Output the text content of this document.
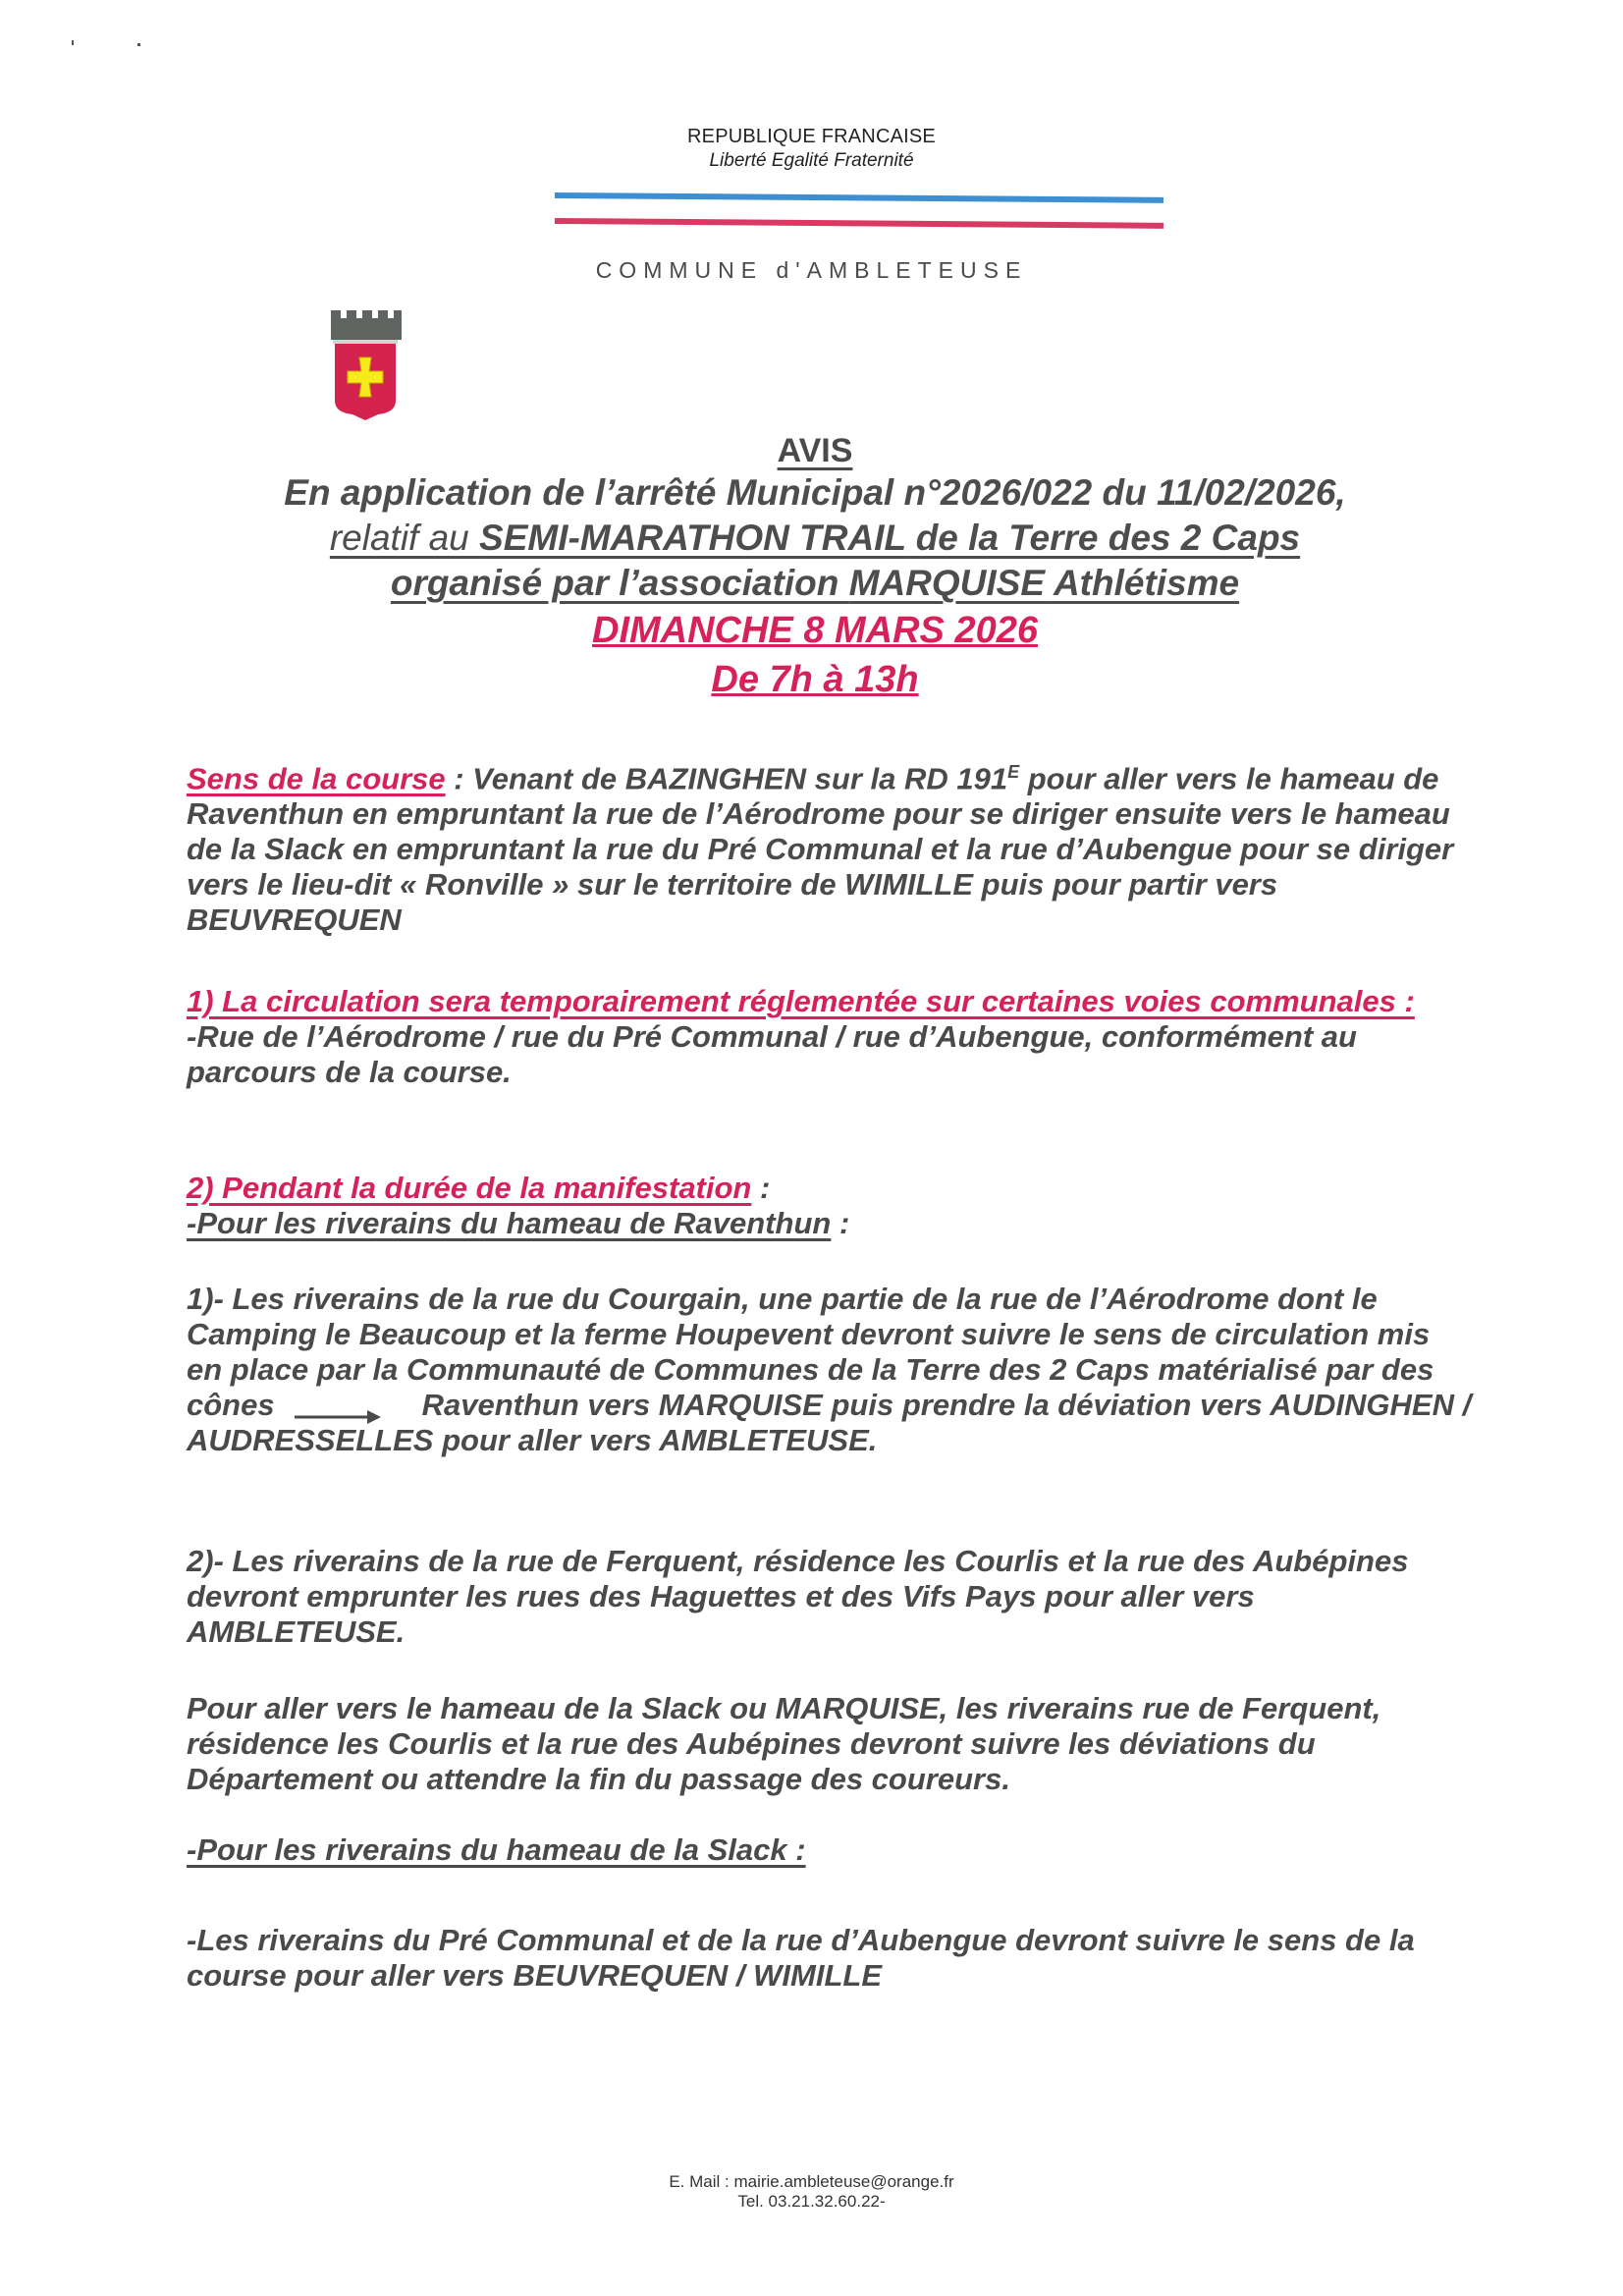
REPUBLIQUE FRANCAISE
Liberté Egalité Fraternité
COMMUNE d'AMBLETEUSE
AVIS
En application de l’arrêté Municipal n°2026/022 du 11/02/2026,
relatif au SEMI-MARATHON TRAIL de la Terre des 2 Caps
organisé par l’association MARQUISE Athlétisme
DIMANCHE 8 MARS 2026
De 7h à 13h

Sens de la course : Venant de BAZINGHEN sur la RD $191^E$ pour aller vers le hameau de Raventhun en empruntant la rue de l’Aérodrome pour se diriger ensuite vers le hameau de la Slack en empruntant la rue du Pré Communal et la rue d’Aubengue pour se diriger vers le lieu-dit « Ronville » sur le territoire de WIMILLE puis pour partir vers BEUVREQUEN

1) La circulation sera temporairement réglementée sur certaines voies communales :

-Rue de l’Aérodrome / rue du Pré Communal / rue d’Aubengue, conformément au parcours de la course.

2) Pendant la durée de la manifestation :

-Pour les riverains du hameau de Raventhun :

1)- Les riverains de la rue du Courgain, une partie de la rue de l’Aérodrome dont le Camping le Beaucoup et la ferme Houpevent devront suivre le sens de circulation mis en place par la Communauté de Communes de la Terre des 2 Caps matérialisé par des cônes	Raventhun vers MARQUISE puis prendre la déviation vers AUDINGHEN / AUDRESSELLES pour aller vers AMBLETEUSE.

2)- Les riverains de la rue de Ferquent, résidence les Courlis et la rue des Aubépines devront emprunter les rues des Haguettes et des Vifs Pays pour aller vers AMBLETEUSE.
Pour aller vers le hameau de la Slack ou MARQUISE, les riverains rue de Ferquent, résidence les Courlis et la rue des Aubépines devront suivre les déviations du Département ou attendre la fin du passage des coureurs.

-Pour les riverains du hameau de la Slack :

-Les riverains du Pré Communal et de la rue d’Aubengue devront suivre le sens de la course pour aller vers BEUVREQUEN / WIMILLE
E. Mail : mairie.ambleteuse@orange.fr
Tel. 03.21.32.60.22-
